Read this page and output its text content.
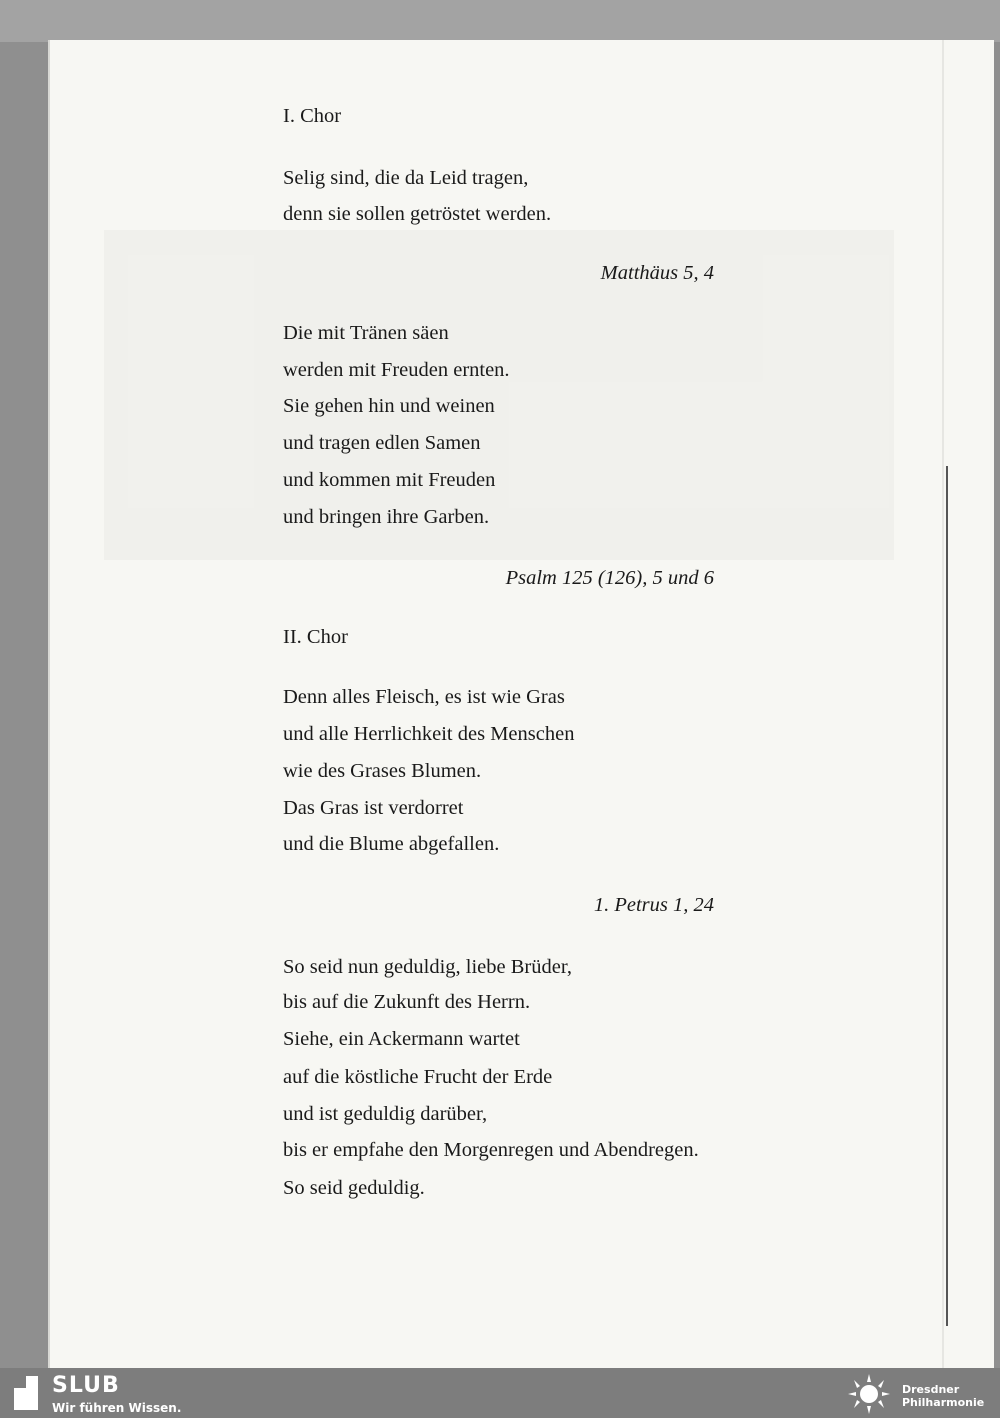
I. Chor
Selig sind, die da Leid tragen,
denn sie sollen getröstet werden.
Matthäus 5, 4
Die mit Tränen säen
werden mit Freuden ernten.
Sie gehen hin und weinen
und tragen edlen Samen
und kommen mit Freuden
und bringen ihre Garben.
Psalm 125 (126), 5 und 6
II. Chor
Denn alles Fleisch, es ist wie Gras
und alle Herrlichkeit des Menschen
wie des Grases Blumen.
Das Gras ist verdorret
und die Blume abgefallen.
1. Petrus 1, 24
So seid nun geduldig, liebe Brüder,
bis auf die Zukunft des Herrn.
Siehe, ein Ackermann wartet
auf die köstliche Frucht der Erde
und ist geduldig darüber,
bis er empfahe den Morgenregen und Abendregen.
So seid geduldig.
SLUB
Wir führen Wissen.
Dresdner
Philharmonie
